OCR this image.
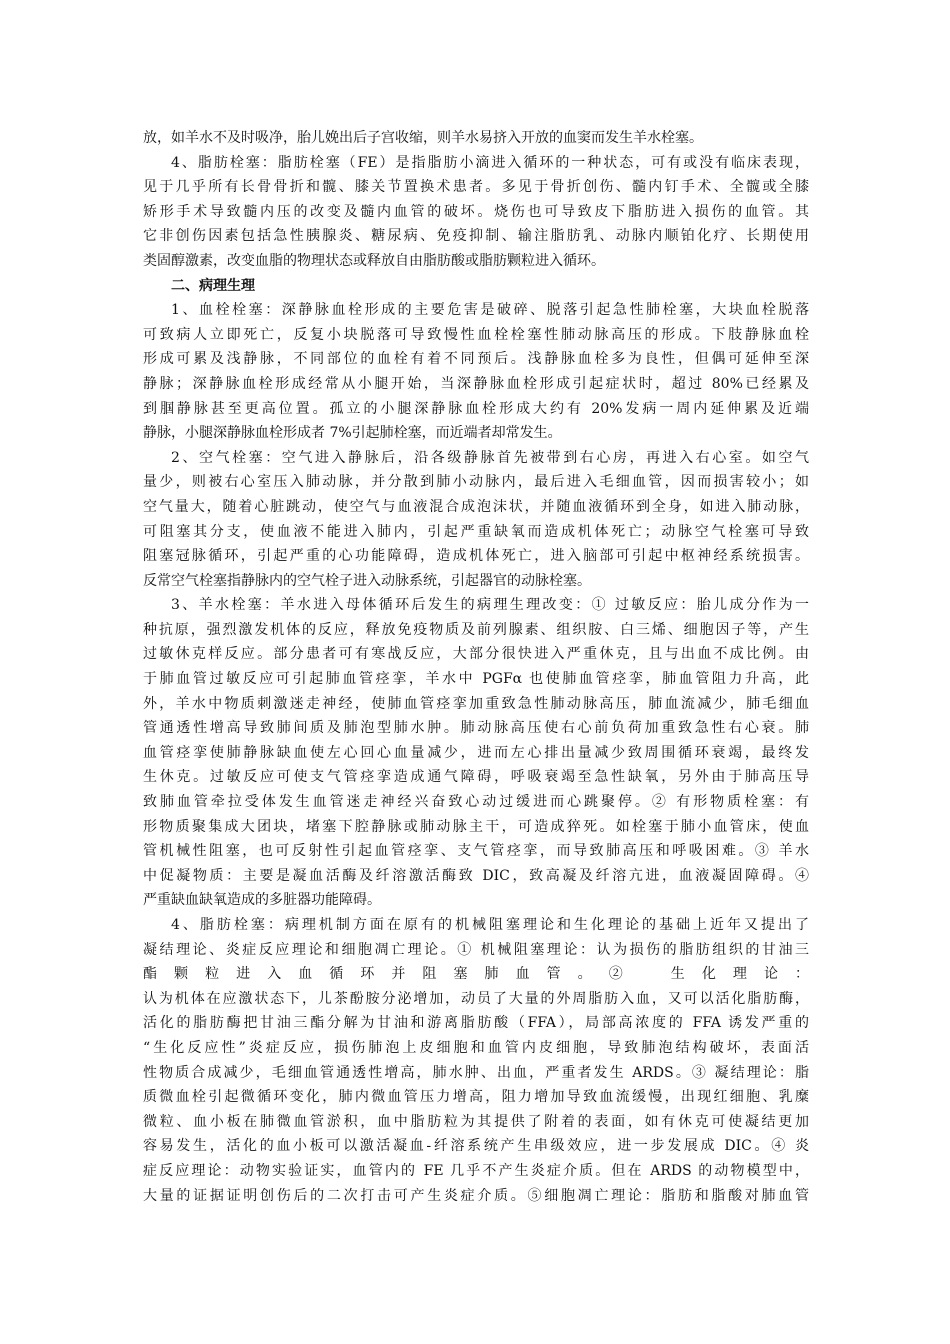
放，如羊水不及时吸净，胎儿娩出后子宫收缩，则羊水易挤入开放的血窦而发生羊水栓塞。
4、脂肪栓塞：脂肪栓塞（FE）是指脂肪小滴进入循环的一种状态，可有或没有临床表现，
见于几乎所有长骨骨折和髋、膝关节置换术患者。多见于骨折创伤、髓内钉手术、全髋或全膝
矫形手术导致髓内压的改变及髓内血管的破坏。烧伤也可导致皮下脂肪进入损伤的血管。其
它非创伤因素包括急性胰腺炎、糖尿病、免疫抑制、输注脂肪乳、动脉内顺铂化疗、长期使用
类固醇激素，改变血脂的物理状态或释放自由脂肪酸或脂肪颗粒进入循环。
二、病理生理
1、血栓栓塞：深静脉血栓形成的主要危害是破碎、脱落引起急性肺栓塞，大块血栓脱落
可致病人立即死亡，反复小块脱落可导致慢性血栓栓塞性肺动脉高压的形成。下肢静脉血栓
形成可累及浅静脉，不同部位的血栓有着不同预后。浅静脉血栓多为良性，但偶可延伸至深
静脉；深静脉血栓形成经常从小腿开始，当深静脉血栓形成引起症状时，超过 80%已经累及
到腘静脉甚至更高位置。孤立的小腿深静脉血栓形成大约有 20%发病一周内延伸累及近端
静脉，小腿深静脉血栓形成者 7%引起肺栓塞，而近端者却常发生。
2、空气栓塞：空气进入静脉后，沿各级静脉首先被带到右心房，再进入右心室。如空气
量少，则被右心室压入肺动脉，并分散到肺小动脉内，最后进入毛细血管，因而损害较小；如
空气量大，随着心脏跳动，使空气与血液混合成泡沫状，并随血液循环到全身，如进入肺动脉，
可阻塞其分支，使血液不能进入肺内，引起严重缺氧而造成机体死亡；动脉空气栓塞可导致
阻塞冠脉循环，引起严重的心功能障碍，造成机体死亡，进入脑部可引起中枢神经系统损害。
反常空气栓塞指静脉内的空气栓子进入动脉系统，引起器官的动脉栓塞。
3、羊水栓塞：羊水进入母体循环后发生的病理生理改变：① 过敏反应：胎儿成分作为一
种抗原，强烈激发机体的反应，释放免疫物质及前列腺素、组织胺、白三烯、细胞因子等，产生
过敏休克样反应。部分患者可有寒战反应，大部分很快进入严重休克，且与出血不成比例。由
于肺血管过敏反应可引起肺血管痉挛，羊水中 PGFα 也使肺血管痉挛，肺血管阻力升高，此
外，羊水中物质刺激迷走神经，使肺血管痉挛加重致急性肺动脉高压，肺血流减少，肺毛细血
管通透性增高导致肺间质及肺泡型肺水肿。肺动脉高压使右心前负荷加重致急性右心衰。肺
血管痉挛使肺静脉缺血使左心回心血量减少，进而左心排出量减少致周围循环衰竭，最终发
生休克。过敏反应可使支气管痉挛造成通气障碍，呼吸衰竭至急性缺氧，另外由于肺高压导
致肺血管牵拉受体发生血管迷走神经兴奋致心动过缓进而心跳聚停。② 有形物质栓塞：有
形物质聚集成大团块，堵塞下腔静脉或肺动脉主干，可造成猝死。如栓塞于肺小血管床，使血
管机械性阻塞，也可反射性引起血管痉挛、支气管痉挛，而导致肺高压和呼吸困难。③ 羊水
中促凝物质：主要是凝血活酶及纤溶激活酶致 DIC，致高凝及纤溶亢进，血液凝固障碍。④
严重缺血缺氧造成的多脏器功能障碍。
4、脂肪栓塞：病理机制方面在原有的机械阻塞理论和生化理论的基础上近年又提出了
凝结理论、炎症反应理论和细胞凋亡理论。① 机械阻塞理论：认为损伤的脂肪组织的甘油三
酯 颗 粒 进 入 血 循 环 并 阻 塞 肺 血 管 。 ② 　 生 化 理 论 ：
认为机体在应激状态下，儿茶酚胺分泌增加，动员了大量的外周脂肪入血，又可以活化脂肪酶，
活化的脂肪酶把甘油三酯分解为甘油和游离脂肪酸（FFA），局部高浓度的 FFA 诱发严重的
“生化反应性”炎症反应，损伤肺泡上皮细胞和血管内皮细胞，导致肺泡结构破坏，表面活
性物质合成减少，毛细血管通透性增高，肺水肿、出血，严重者发生 ARDS。③ 凝结理论：脂
质微血栓引起微循环变化，肺内微血管压力增高，阻力增加导致血流缓慢，出现红细胞、乳糜
微粒、血小板在肺微血管淤积，血中脂肪粒为其提供了附着的表面，如有休克可使凝结更加
容易发生，活化的血小板可以激活凝血-纤溶系统产生串级效应，进一步发展成 DIC。④ 炎
症反应理论：动物实验证实，血管内的 FE 几乎不产生炎症介质。但在 ARDS 的动物模型中，
大量的证据证明创伤后的二次打击可产生炎症介质。⑤细胞凋亡理论：脂肪和脂酸对肺血管
